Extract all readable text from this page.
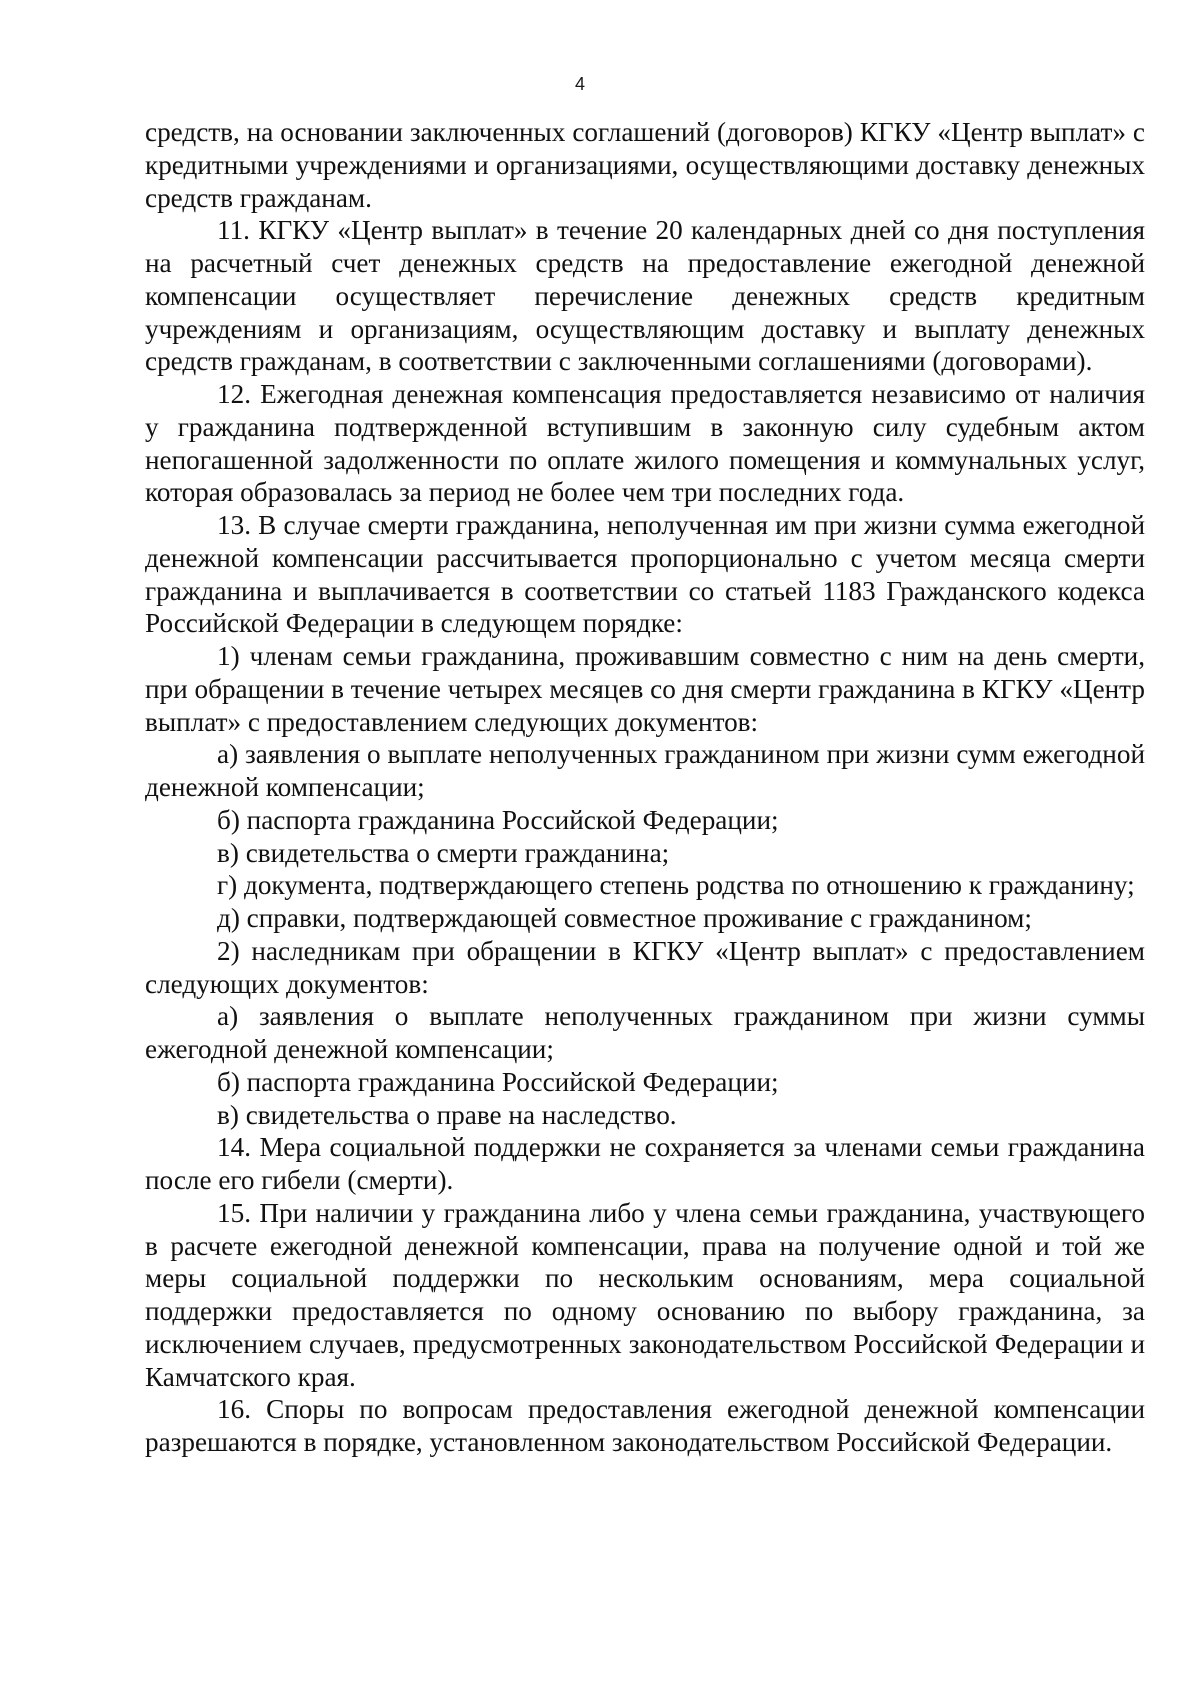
4

средств, на основании заключенных соглашений (договоров) КГКУ «Центр выплат» с кредитными учреждениями и организациями, осуществляющими доставку денежных средств гражданам.

11. КГКУ «Центр выплат» в течение 20 календарных дней со дня поступления на расчетный счет денежных средств на предоставление ежегодной денежной компенсации осуществляет перечисление денежных средств кредитным учреждениям и организациям, осуществляющим доставку и выплату денежных средств гражданам, в соответствии с заключенными соглашениями (договорами).

12. Ежегодная денежная компенсация предоставляется независимо от наличия у гражданина подтвержденной вступившим в законную силу судебным актом непогашенной задолженности по оплате жилого помещения и коммунальных услуг, которая образовалась за период не более чем три последних года.

13. В случае смерти гражданина, неполученная им при жизни сумма ежегодной денежной компенсации рассчитывается пропорционально с учетом месяца смерти гражданина и выплачивается в соответствии со статьей 1183 Гражданского кодекса Российской Федерации в следующем порядке:

1) членам семьи гражданина, проживавшим совместно с ним на день смерти, при обращении в течение четырех месяцев со дня смерти гражданина в КГКУ «Центр выплат» с предоставлением следующих документов:

а) заявления о выплате неполученных гражданином при жизни сумм ежегодной денежной компенсации;

б) паспорта гражданина Российской Федерации;

в) свидетельства о смерти гражданина;

г) документа, подтверждающего степень родства по отношению к гражданину;

д) справки, подтверждающей совместное проживание с гражданином;

2) наследникам при обращении в КГКУ «Центр выплат» с предоставлением следующих документов:

а) заявления о выплате неполученных гражданином при жизни суммы ежегодной денежной компенсации;

б) паспорта гражданина Российской Федерации;

в) свидетельства о праве на наследство.

14. Мера социальной поддержки не сохраняется за членами семьи гражданина после его гибели (смерти).

15. При наличии у гражданина либо у члена семьи гражданина, участвующего в расчете ежегодной денежной компенсации, права на получение одной и той же меры социальной поддержки по нескольким основаниям, мера социальной поддержки предоставляется по одному основанию по выбору гражданина, за исключением случаев, предусмотренных законодательством Российской Федерации и Камчатского края.

16. Споры по вопросам предоставления ежегодной денежной компенсации разрешаются в порядке, установленном законодательством Российской Федерации.
